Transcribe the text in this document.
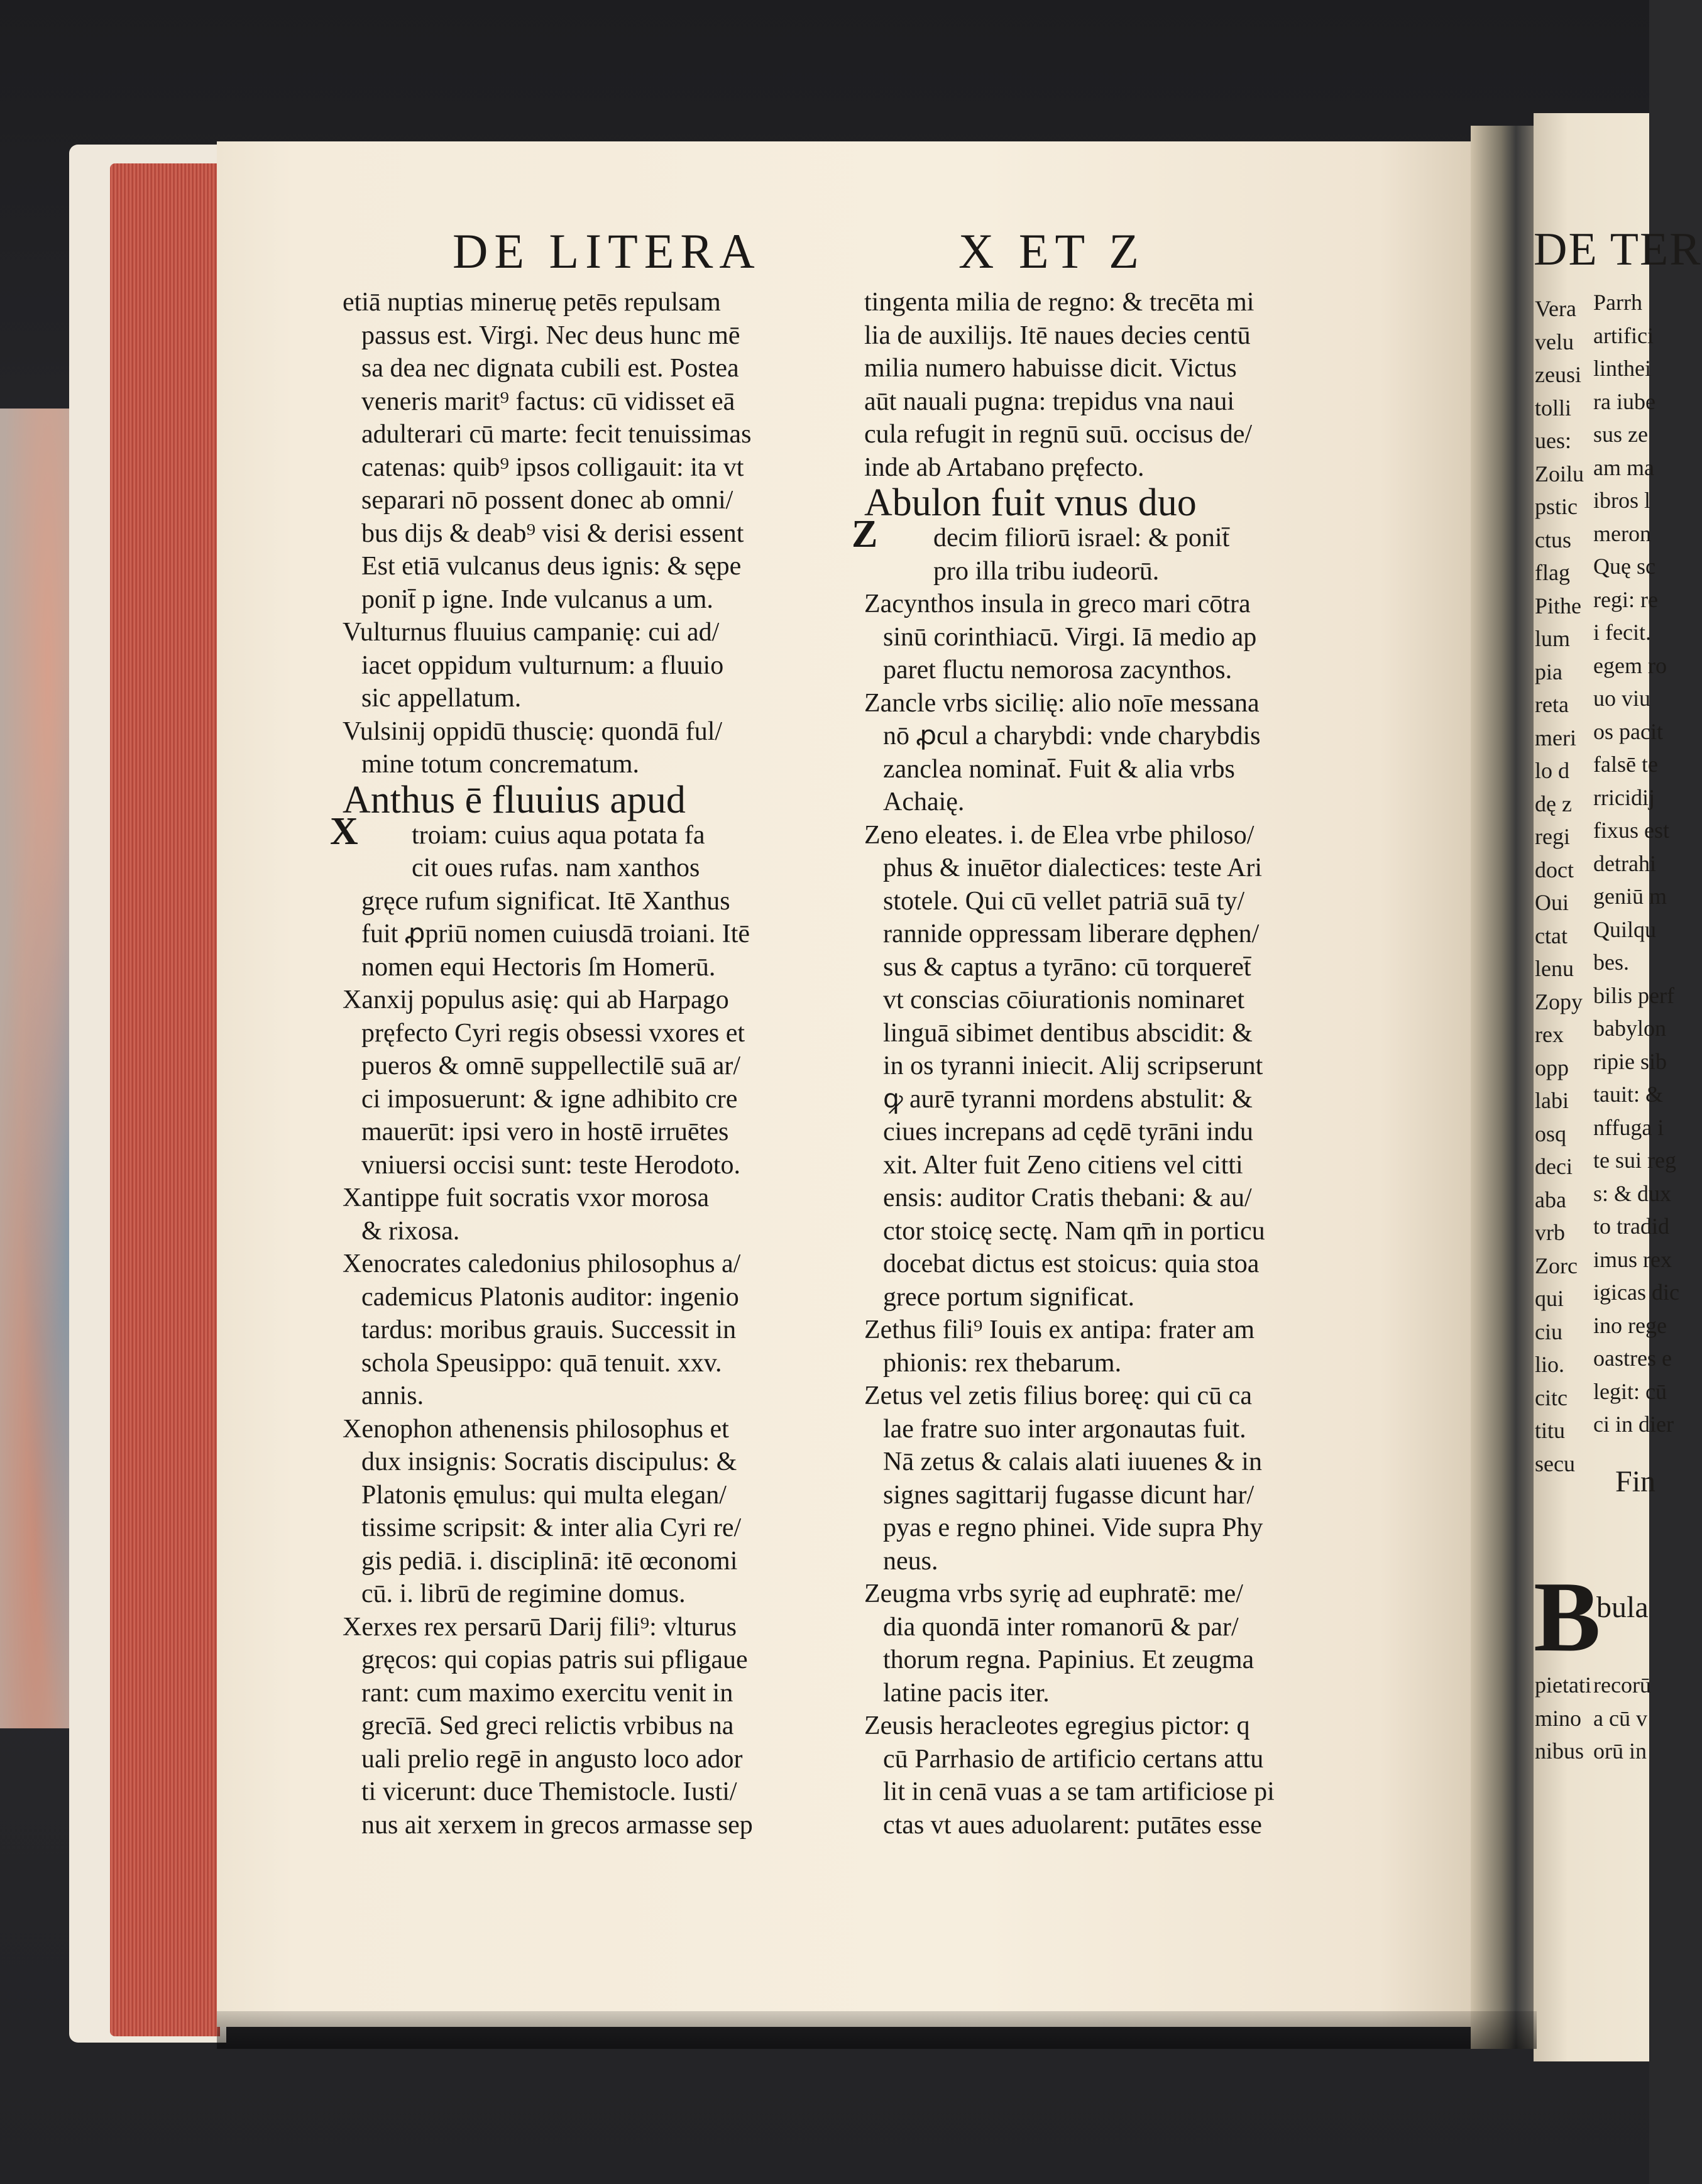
DE LITERA	X ET Z
etiā nuptias mineruę petēs repulsam
passus est. Virgi. Nec deus hunc mē
sa dea nec dignata cubili est. Postea
veneris marit⁹ factus: cū vidisset eā
adulterari cū marte: fecit tenuissimas
catenas: quib⁹ ipsos colligauit: ita vt
separari nō possent donec ab omni/
bus dijs & deab⁹ visi & derisi essent
Est etiā vulcanus deus ignis: & sępe
ponit̄ p igne. Inde vulcanus a um.
Vulturnus fluuius campanię: cui ad/
iacet oppidum vulturnum: a fluuio
sic appellatum.
Vulsinij oppidū thuscię: quondā ful/
mine totum concrematum.
Anthus ē fluuius apud
X troiam: cuius aqua potata fa
cit oues rufas. nam xanthos
gręce rufum significat. Itē Xanthus
fuit ꝓpriū nomen cuiusdā troiani. Itē
nomen equi Hectoris ſm Homerū.
Xanxij populus asię: qui ab Harpago
pręfecto Cyri regis obsessi vxores et
pueros & omnē suppellectilē suā ar/
ci imposuerunt: & igne adhibito cre
mauerūt: ipsi vero in hostē irruētes
vniuersi occisi sunt: teste Herodoto.
Xantippe fuit socratis vxor morosa
& rixosa.
Xenocrates caledonius philosophus a/
cademicus Platonis auditor: ingenio
tardus: moribus grauis. Successit in
schola Speusippo: quā tenuit. xxv.
annis.
Xenophon athenensis philosophus et
dux insignis: Socratis discipulus: &
Platonis ęmulus: qui multa elegan/
tissime scripsit: & inter alia Cyri re/
gis pediā. i. disciplinā: itē œconomi
cū. i. librū de regimine domus.
Xerxes rex persarū Darij fili⁹: vlturus
gręcos: qui copias patris sui pfligaue
rant: cum maximo exercitu venit in
grecīā. Sed greci relictis vrbibus na
uali prelio regē in angusto loco ador
ti vicerunt: duce Themistocle. Iusti/
nus ait xerxem in grecos armasse sep
tingenta milia de regno: & trecēta mi
lia de auxilijs. Itē naues decies centū
milia numero habuisse dicit. Victus
aūt nauali pugna: trepidus vna naui
cula refugit in regnū suū. occisus de/
inde ab Artabano pręfecto.
Abulon fuit vnus duo
Z decim filiorū israel: & ponit̄
pro illa tribu iudeorū.
Zacynthos insula in greco mari cōtra
sinū corinthiacū. Virgi. Iā medio ap
paret fluctu nemorosa zacynthos.
Zancle vrbs sicilię: alio noīe messana
nō ꝓcul a charybdi: vnde charybdis
zanclea nominat̄. Fuit & alia vrbs
Achaię.
Zeno eleates. i. de Elea vrbe philoso/
phus & inuētor dialectices: teste Ari
stotele. Qui cū vellet patriā suā ty/
rannide oppressam liberare dęphen/
sus & captus a tyrāno: cū torqueret̄
vt conscias cōiurationis nominaret
linguā sibimet dentibus abscidit: &
in os tyranni iniecit. Alij scripserunt
ꝙ aurē tyranni mordens abstulit: &
ciues increpans ad cędē tyrāni indu
xit. Alter fuit Zeno citiens vel citti
ensis: auditor Cratis thebani: & au/
ctor stoicę sectę. Nam qm̄ in porticu
docebat dictus est stoicus: quia stoa
grece portum significat.
Zethus fili⁹ Iouis ex antipa: frater am
phionis: rex thebarum.
Zetus vel zetis filius boreę: qui cū ca
lae fratre suo inter argonautas fuit.
Nā zetus & calais alati iuuenes & in
signes sagittarij fugasse dicunt har/
pyas e regno phinei. Vide supra Phy
neus.
Zeugma vrbs syrię ad euphratē: me/
dia quondā inter romanorū & par/
thorum regna. Papinius. Et zeugma
latine pacis iter.
Zeusis heracleotes egregius pictor: q
cū Parrhasio de artificio certans attu
lit in cenā vuas a se tam artificiose pi
ctas vt aues aduolarent: putātes esse
DE TER
Vera
velu
zeusi
tolli
ues:
Zoilu
pstic
ctus
flag
Pithe
lum
pia
reta
meri
lo d
dę z
regi
doct
Oui
ctat
lenu
Zopy
rex
opp
labi
osq
deci
aba
vrb
Zorc
qui
ciu
lio.
citc
titu
secu
Parrh
artifici
linthei
ra iube
sus ze
am ma
ibros l
meron
Quę sc
regi: re
i fecit.
egem ro
uo viu
os pacit
falsē te
rricidij
fixus est
detrahi
geniū m
Quilqu
bes.
bilis perf
babylon
ripie sib
tauit: &
nffuga i
te sui reg
s: & dux
to tradid
imus rex
igicas dic
ino rege
oastres e
legit: cū
ci in dier
Fin
B
bula
pietati
mino
nibus
recorū
a cū v
orū in
